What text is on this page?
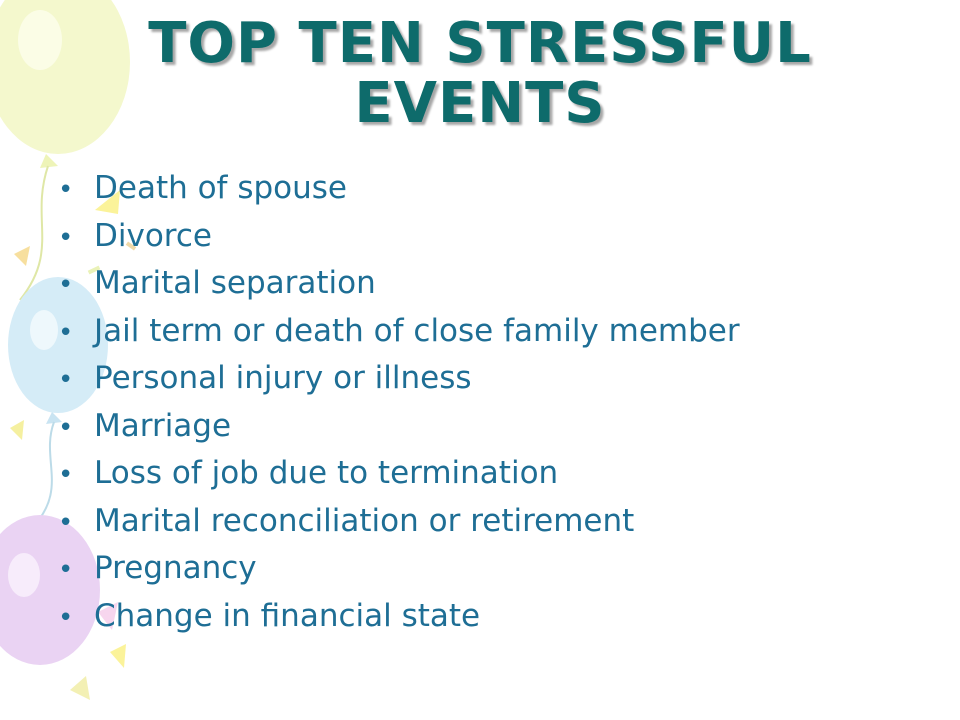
TOP TEN STRESSFUL
EVENTS
• Death of spouse
• Divorce
• Marital separation
• Jail term or death of close family member
• Personal injury or illness
• Marriage
• Loss of job due to termination
• Marital reconciliation or retirement
• Pregnancy
• Change in financial state
